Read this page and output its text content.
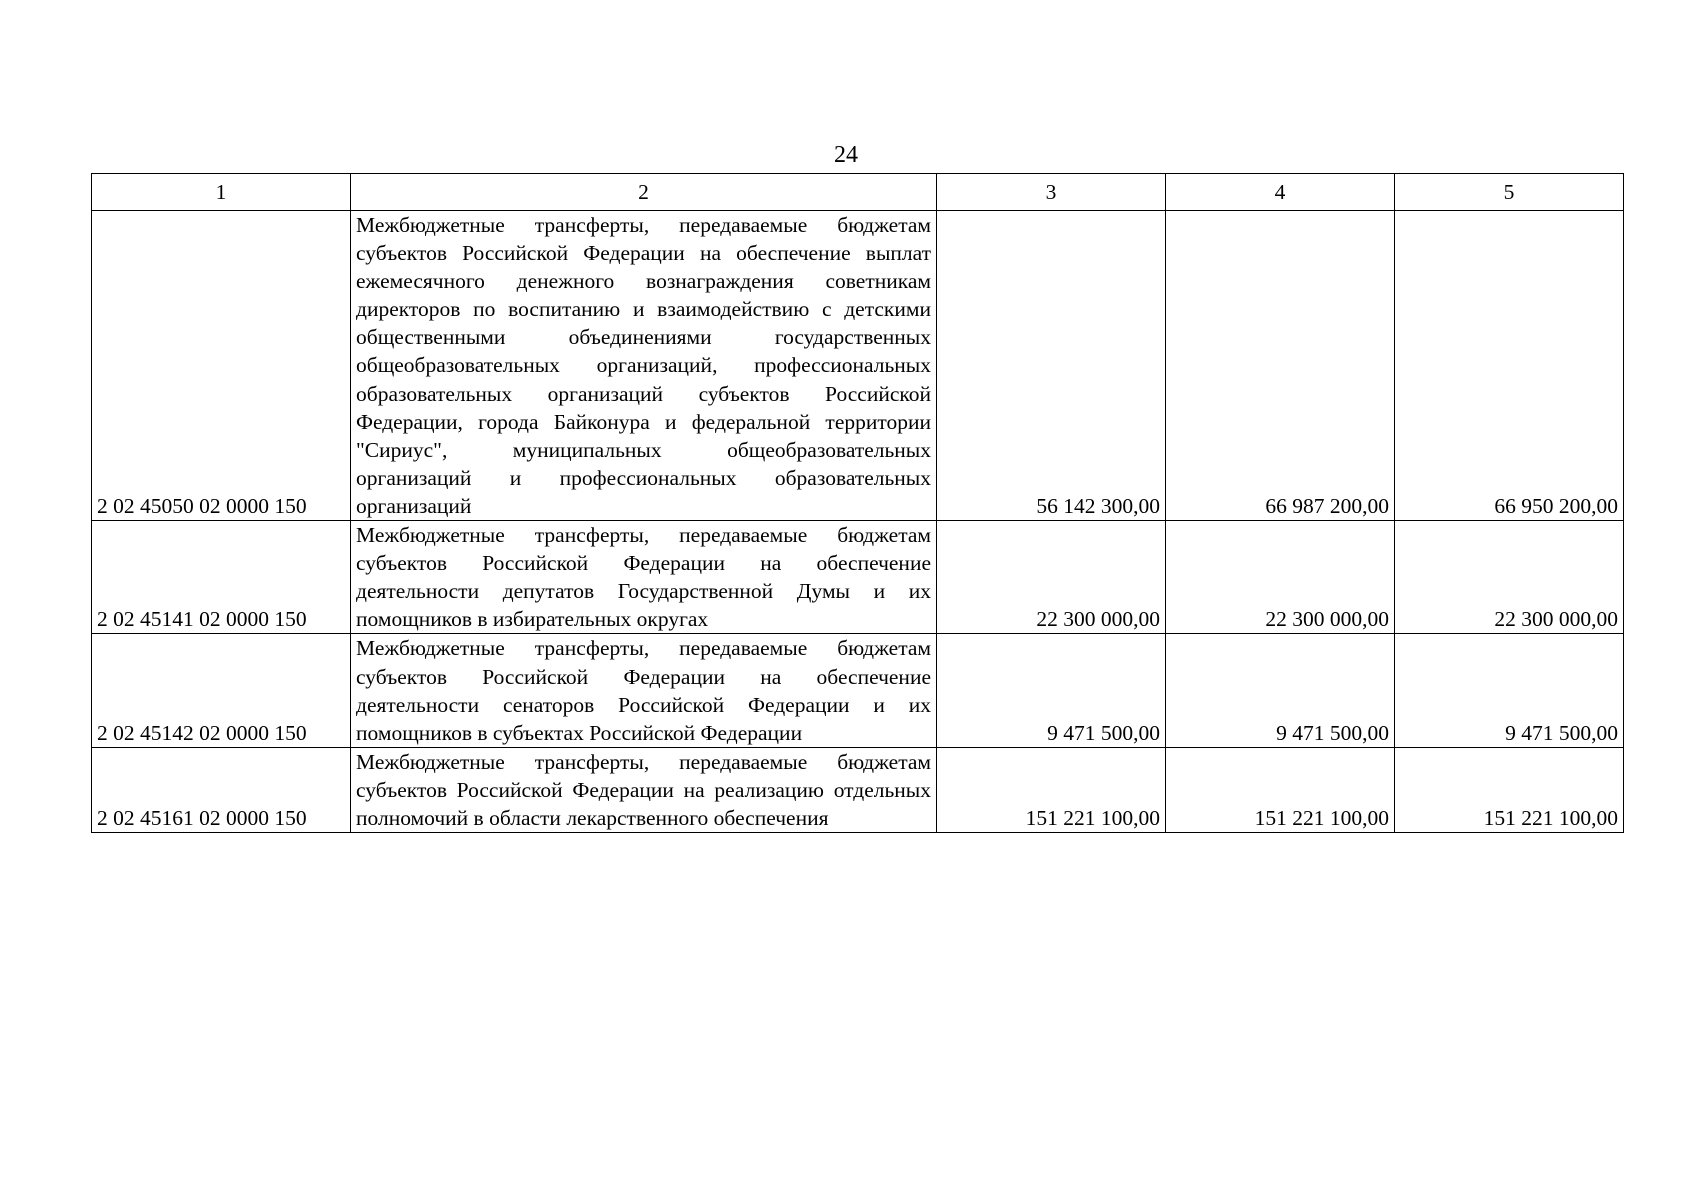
24
1	2	3	4	5
2 02 45050 02 0000 150	Межбюджетные трансферты, передаваемые бюджетам субъектов Российской Федерации на обеспечение выплат ежемесячного денежного вознаграждения советникам директоров по воспитанию и взаимодействию с детскими общественными объединениями государственных общеобразовательных организаций, профессиональных образовательных организаций субъектов Российской Федерации, города Байконура и федеральной территории "Сириус", муниципальных общеобразовательных организаций и профессиональных образовательных организаций	56 142 300,00	66 987 200,00	66 950 200,00
2 02 45141 02 0000 150	Межбюджетные трансферты, передаваемые бюджетам субъектов Российской Федерации на обеспечение деятельности депутатов Государственной Думы и их помощников в избирательных округах	22 300 000,00	22 300 000,00	22 300 000,00
2 02 45142 02 0000 150	Межбюджетные трансферты, передаваемые бюджетам субъектов Российской Федерации на обеспечение деятельности сенаторов Российской Федерации и их помощников в субъектах Российской Федерации	9 471 500,00	9 471 500,00	9 471 500,00
2 02 45161 02 0000 150	Межбюджетные трансферты, передаваемые бюджетам субъектов Российской Федерации на реализацию отдельных полномочий в области лекарственного обеспечения	151 221 100,00	151 221 100,00	151 221 100,00
